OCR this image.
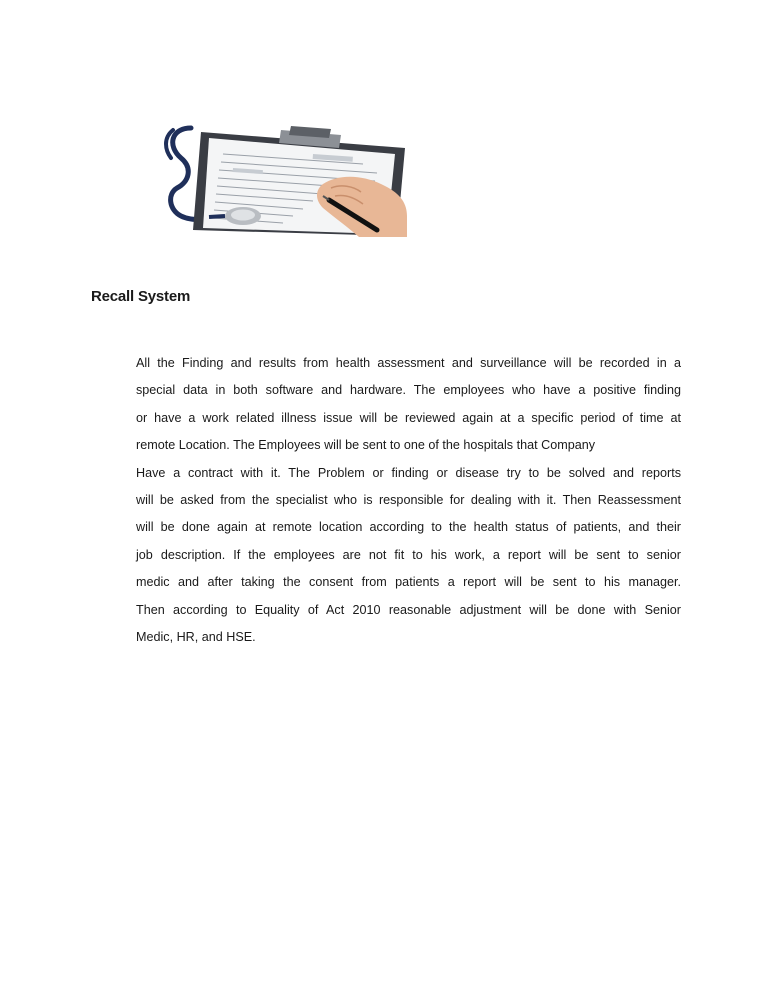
Recall System

All the Finding and results from health assessment and surveillance will be recorded in a
special data in both software and hardware. The employees who have a positive finding
or have a work related illness issue will be reviewed again at a specific period of time at
remote Location. The Employees will be sent to one of the hospitals that Company
Have a contract with it. The Problem or finding or disease try to be solved and reports
will be asked from the specialist who is responsible for dealing with it. Then Reassessment
will be done again at remote location according to the health status of patients, and their
job description. If the employees are not fit to his work, a report will be sent to senior
medic and after taking the consent from patients a report will be sent to his manager.
Then according to Equality of Act 2010 reasonable adjustment will be done with Senior
Medic, HR, and HSE.
